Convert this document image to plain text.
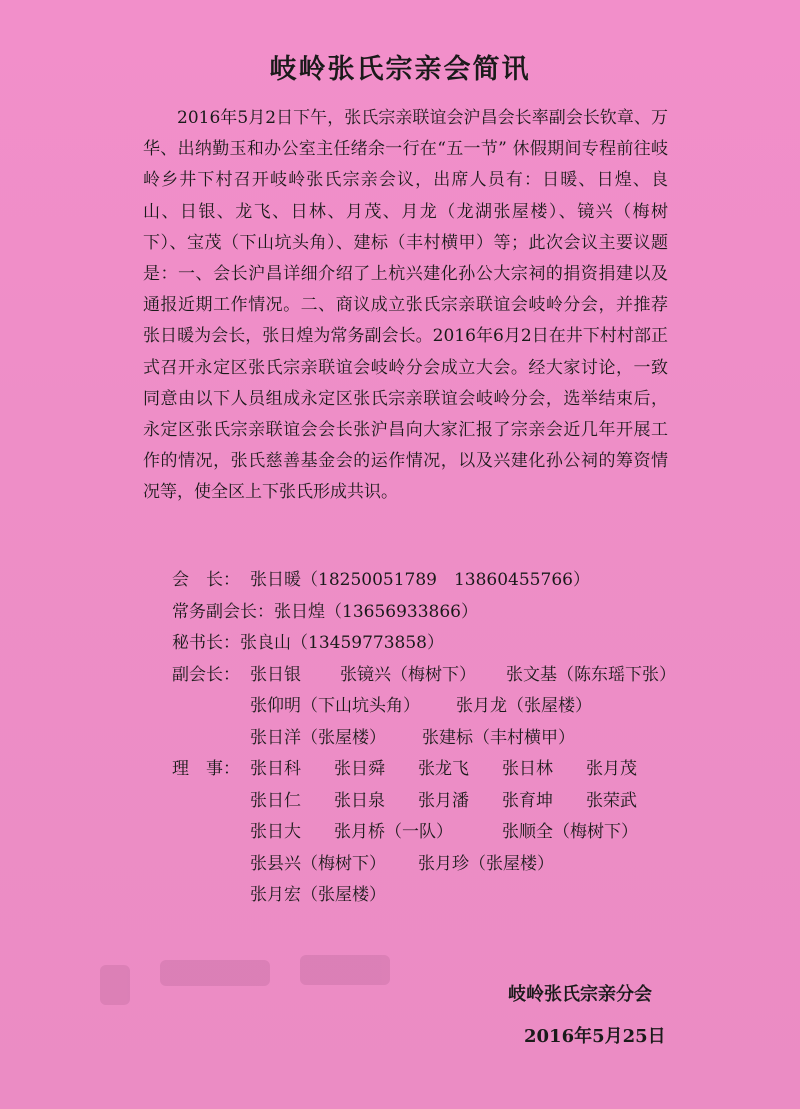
岐岭张氏宗亲会简讯

2016年5月2日下午，张氏宗亲联谊会沪昌会长率副会长钦章、万华、出纳勤玉和办公室主任绪余一行在“五一节” 休假期间专程前往岐岭乡井下村召开岐岭张氏宗亲会议，出席人员有：日暖、日煌、良山、日银、龙飞、日林、月茂、月龙（龙湖张屋楼）、镜兴（梅树下）、宝茂（下山坑头角）、建标（丰村横甲）等；此次会议主要议题是：一、会长沪昌详细介绍了上杭兴建化孙公大宗祠的捐资捐建以及通报近期工作情况。二、商议成立张氏宗亲联谊会岐岭分会，并推荐张日暖为会长，张日煌为常务副会长。2016年6月2日在井下村村部正式召开永定区张氏宗亲联谊会岐岭分会成立大会。经大家讨论，一致同意由以下人员组成永定区张氏宗亲联谊会岐岭分会，选举结束后，永定区张氏宗亲联谊会会长张沪昌向大家汇报了宗亲会近几年开展工作的情况，张氏慈善基金会的运作情况，以及兴建化孙公祠的筹资情况等，使全区上下张氏形成共识。

会　长： 张日暖（18250051789　13860455766）
常务副会长： 张日煌（13656933866）
秘书长： 张良山（13459773858）
副会长： 张日银	张镜兴（梅树下）	张文基（陈东瑶下张）
张仰明（下山坑头角）	张月龙（张屋楼）
张日洋（张屋楼）	张建标（丰村横甲）
理　事： 张日科	张日舜	张龙飞	张日林	张月茂
张日仁	张日泉	张月潘	张育坤	张荣武
张日大	张月桥（一队）	张顺全（梅树下）
张县兴（梅树下）	张月珍（张屋楼）
张月宏（张屋楼）
岐岭张氏宗亲分会
2016年5月25日
